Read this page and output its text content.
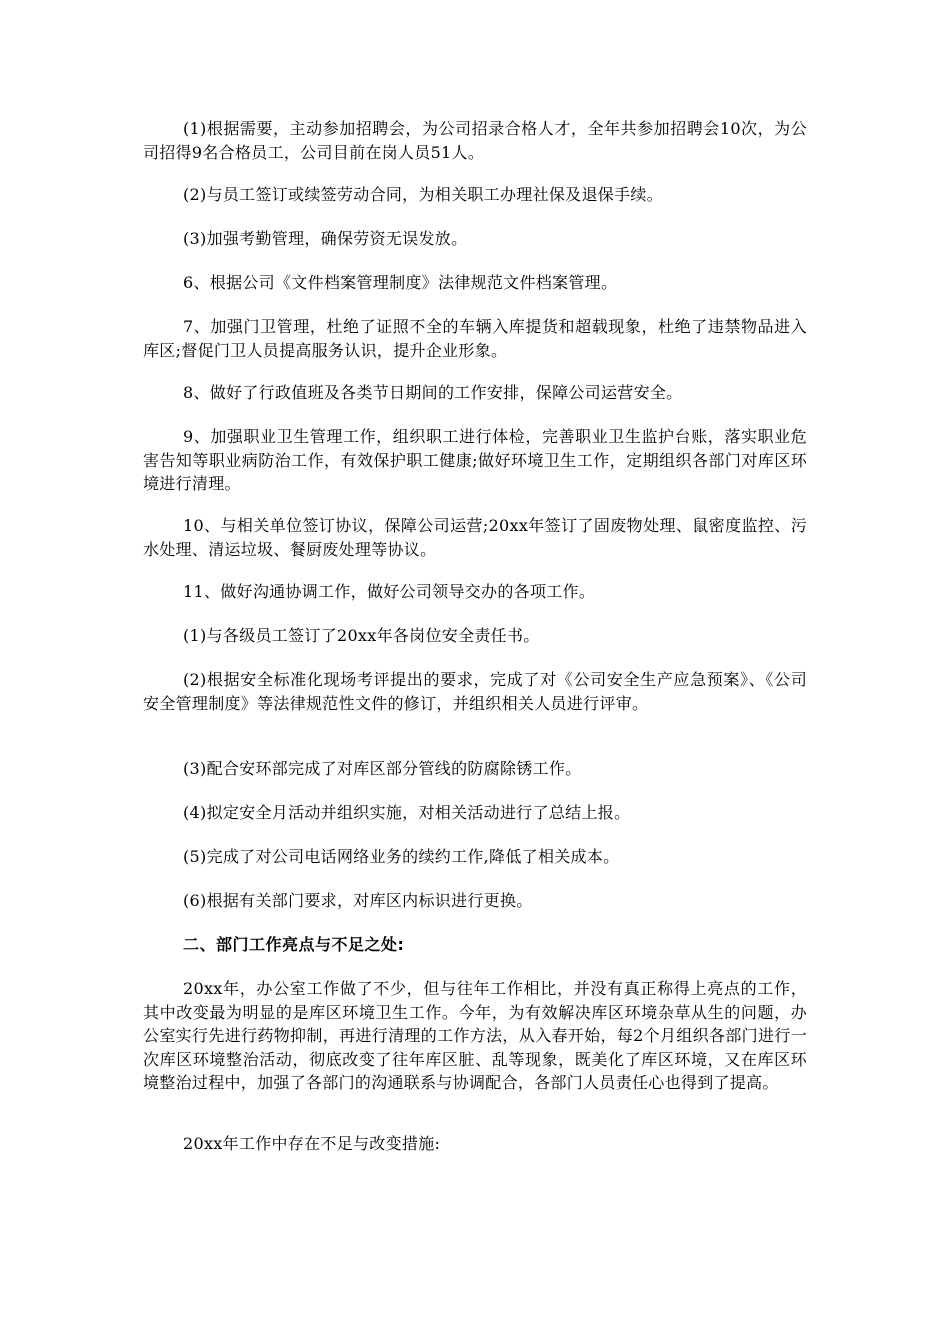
(1)根据需要，主动参加招聘会，为公司招录合格人才，全年共参加招聘会10次，为公司招得9名合格员工，公司目前在岗人员51人。

(2)与员工签订或续签劳动合同，为相关职工办理社保及退保手续。

(3)加强考勤管理，确保劳资无误发放。

6、根据公司《文件档案管理制度》法律规范文件档案管理。

7、加强门卫管理，杜绝了证照不全的车辆入库提货和超载现象，杜绝了违禁物品进入库区;督促门卫人员提高服务认识，提升企业形象。

8、做好了行政值班及各类节日期间的工作安排，保障公司运营安全。

9、加强职业卫生管理工作，组织职工进行体检，完善职业卫生监护台账，落实职业危害告知等职业病防治工作，有效保护职工健康;做好环境卫生工作，定期组织各部门对库区环境进行清理。

10、与相关单位签订协议，保障公司运营;20xx年签订了固废物处理、鼠密度监控、污水处理、清运垃圾、餐厨废处理等协议。

11、做好沟通协调工作，做好公司领导交办的各项工作。

(1)与各级员工签订了20xx年各岗位安全责任书。

(2)根据安全标准化现场考评提出的要求，完成了对《公司安全生产应急预案》、《公司安全管理制度》等法律规范性文件的修订，并组织相关人员进行评审。

(3)配合安环部完成了对库区部分管线的防腐除锈工作。

(4)拟定安全月活动并组织实施，对相关活动进行了总结上报。

(5)完成了对公司电话网络业务的续约工作,降低了相关成本。

(6)根据有关部门要求，对库区内标识进行更换。

二、部门工作亮点与不足之处:

20xx年，办公室工作做了不少，但与往年工作相比，并没有真正称得上亮点的工作，其中改变最为明显的是库区环境卫生工作。今年，为有效解决库区环境杂草从生的问题，办公室实行先进行药物抑制，再进行清理的工作方法，从入春开始，每2个月组织各部门进行一次库区环境整治活动，彻底改变了往年库区脏、乱等现象，既美化了库区环境，又在库区环境整治过程中，加强了各部门的沟通联系与协调配合，各部门人员责任心也得到了提高。

20xx年工作中存在不足与改变措施:
